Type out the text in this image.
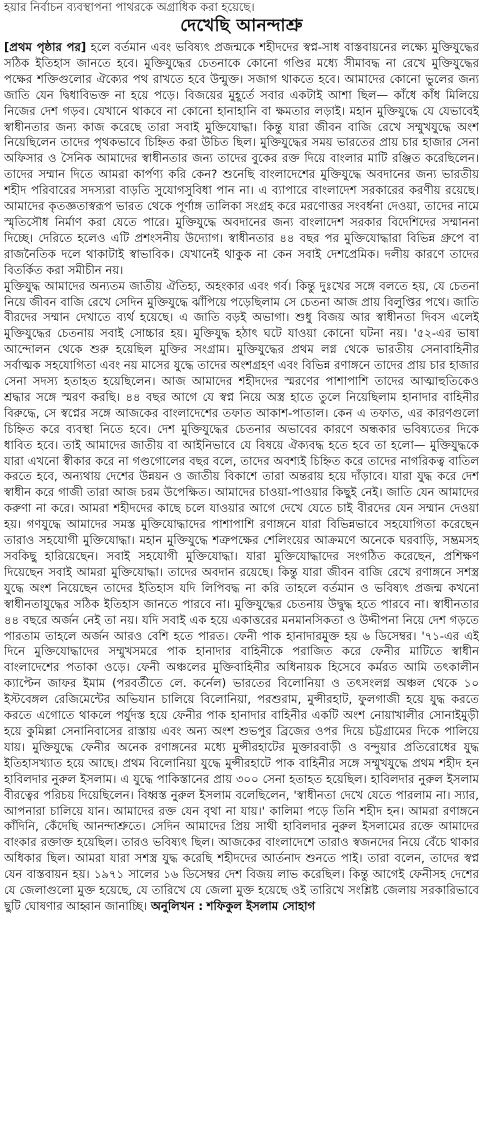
হয়ার নির্বাচন ব্যবস্থাপনা পাথরকে অগ্রাধিক করা হয়েছে।
দেখেছি আনন্দাশ্রু

[প্রথম পৃষ্ঠার পর] হলে বর্তমান এবং ভবিষ্যৎ প্রজন্মকে শহীদদের স্বপ্ন-সাধ বাস্তবায়নের লক্ষ্যে মুক্তিযুদ্ধের সঠিক ইতিহাস জানতে হবে। মুক্তিযুদ্ধের চেতনাকে কোনো গণ্ডির মধ্যে সীমাবদ্ধ না রেখে মুক্তিযুদ্ধের পক্ষের শক্তিগুলোর ঐক্যের পথ রাখতে হবে উন্মুক্ত। সজাগ থাকতে হবে। আমাদের কোনো ভুলের জন্য জাতি যেন দ্বিধাবিভক্ত না হয়ে পড়ে। বিজয়ের মুহূর্তে সবার একটাই আশা ছিল— কাঁধে কাঁধ মিলিয়ে নিজের দেশ গড়ব। যেখানে থাকবে না কোনো হানাহানি বা ক্ষমতার লড়াই। মহান মুক্তিযুদ্ধে যে যেভাবেই স্বাধীনতার জন্য কাজ করেছে তারা সবাই মুক্তিযোদ্ধা। কিন্তু যারা জীবন বাজি রেখে সম্মুখযুদ্ধে অংশ নিয়েছিলেন তাদের পৃথকভাবে চিহ্নিত করা উচিত ছিল। মুক্তিযুদ্ধের সময় ভারতের প্রায় চার হাজার সেনা অফিসার ও সৈনিক আমাদের স্বাধীনতার জন্য তাদের বুকের রক্ত দিয়ে বাংলার মাটি রঞ্জিত করেছিলেন। তাদের সম্মান দিতে আমরা কার্পণ্য করি কেন? শুনেছি বাংলাদেশের মুক্তিযুদ্ধে অবদানের জন্য ভারতীয় শহীদ পরিবারের সদস্যরা বাড়তি সুযোগসুবিধা পান না। এ ব্যাপারে বাংলাদেশ সরকারের করণীয় রয়েছে। আমাদের কৃতজ্ঞতাস্বরূপ ভারত থেকে পূর্ণাঙ্গ তালিকা সংগ্রহ করে মরণোত্তর সংবর্ধনা দেওয়া, তাদের নামে স্মৃতিসৌধ নির্মাণ করা যেতে পারে। মুক্তিযুদ্ধে অবদানের জন্য বাংলাদেশ সরকার বিদেশিদের সম্মাননা দিচ্ছে। দেরিতে হলেও এটি প্রশংসনীয় উদ্যোগ। স্বাধীনতার ৪৪ বছর পর মুক্তিযোদ্ধারা বিভিন্ন গ্রুপে বা রাজনৈতিক দলে থাকাটাই স্বাভাবিক। যেখানেই থাকুক না কেন সবাই দেশপ্রেমিক। দলীয় কারণে তাদের বিতর্কিত করা সমীচীন নয়।

মুক্তিযুদ্ধ আমাদের অন্যতম জাতীয় ঐতিহ্য, অহংকার এবং গর্ব। কিন্তু দুঃখের সঙ্গে বলতে হয়, যে চেতনা নিয়ে জীবন বাজি রেখে সেদিন মুক্তিযুদ্ধে ঝাঁপিয়ে পড়েছিলাম সে চেতনা আজ প্রায় বিলুপ্তির পথে। জাতি বীরদের সম্মান দেখাতে ব্যর্থ হয়েছে। এ জাতি বড়ই অভাগা। শুধু বিজয় আর স্বাধীনতা দিবস এলেই মুক্তিযুদ্ধের চেতনায় সবাই সোচ্চার হয়। মুক্তিযুদ্ধ হঠাৎ ঘটে যাওয়া কোনো ঘটনা নয়। '৫২-এর ভাষা আন্দোলন থেকে শুরু হয়েছিল মুক্তির সংগ্রাম। মুক্তিযুদ্ধের প্রথম লগ্ন থেকে ভারতীয় সেনাবাহিনীর সর্বাত্মক সহযোগিতা এবং নয় মাসের যুদ্ধে তাদের অংশগ্রহণ এবং বিভিন্ন রণাঙ্গনে তাদের প্রায় চার হাজার সেনা সদস্য হতাহত হয়েছিলেন। আজ আমাদের শহীদদের স্মরণের পাশাপাশি তাদের আত্মাহুতিকেও শ্রদ্ধার সঙ্গে স্মরণ করছি। ৪৪ বছর আগে যে স্বপ্ন নিয়ে অস্ত্র হাতে তুলে নিয়েছিলাম হানাদার বাহিনীর বিরুদ্ধে, সে স্বপ্নের সঙ্গে আজকের বাংলাদেশের তফাত আকাশ-পাতাল। কেন এ তফাত, এর কারণগুলো চিহ্নিত করে ব্যবস্থা নিতে হবে। দেশ মুক্তিযুদ্ধের চেতনার অভাবের কারণে অন্ধকার ভবিষ্যতের দিকে ধাবিত হবে। তাই আমাদের জাতীয় বা আইনিভাবে যে বিষয়ে ঐক্যবদ্ধ হতে হবে তা হলো— মুক্তিযুদ্ধকে যারা এখনো স্বীকার করে না গণ্ডগোলের বছর বলে, তাদের অবশ্যই চিহ্নিত করে তাদের নাগরিকত্ব বাতিল করতে হবে, অন্যথায় দেশের উন্নয়ন ও জাতীয় বিকাশে তারা অন্তরায় হয়ে দাঁড়াবে। যারা যুদ্ধ করে দেশ স্বাধীন করে গাজী তারা আজ চরম উপেক্ষিত। আমাদের চাওয়া-পাওয়ার কিছুই নেই। জাতি যেন আমাদের করুণা না করে। আমরা শহীদদের কাছে চলে যাওয়ার আগে দেখে যেতে চাই বীরদের যেন সম্মান দেওয়া হয়। গণযুদ্ধে আমাদের সমস্ত মুক্তিযোদ্ধাদের পাশাপাশি রণাঙ্গনে যারা বিভিন্নভাবে সহযোগিতা করেছেন তারাও সহযোগী মুক্তিযোদ্ধা। মহান মুক্তিযুদ্ধে শত্রুপক্ষের শেলিংয়ের আক্রমণে অনেকে ঘরবাড়ি, সম্ভ্রমসহ সবকিছু হারিয়েছেন। সবাই সহযোগী মুক্তিযোদ্ধা। যারা মুক্তিযোদ্ধাদের সংগঠিত করেছেন, প্রশিক্ষণ দিয়েছেন সবাই আমরা মুক্তিযোদ্ধা। তাদের অবদান রয়েছে। কিন্তু যারা জীবন বাজি রেখে রণাঙ্গনে সশস্ত্র যুদ্ধে অংশ নিয়েছেন তাদের ইতিহাস যদি লিপিবদ্ধ না করি তাহলে বর্তমান ও ভবিষ্যৎ প্রজন্ম কখনো স্বাধীনতাযুদ্ধের সঠিক ইতিহাস জানতে পারবে না। মুক্তিযুদ্ধের চেতনায় উদ্বুদ্ধ হতে পারবে না। স্বাধীনতার ৪৪ বছরে অর্জন নেই তা নয়। যদি সবাই এক হয়ে একাত্তরের মনমানসিকতা ও উদ্দীপনা নিয়ে দেশ গড়তে পারতাম তাহলে অর্জন আরও বেশি হতে পারত। ফেনী পাক হানাদারমুক্ত হয় ৬ ডিসেম্বর। '৭১-এর এই দিনে মুক্তিযোদ্ধাদের সম্মুখসমরে পাক হানাদার বাহিনীকে পরাজিত করে ফেনীর মাটিতে স্বাধীন বাংলাদেশের পতাকা ওড়ে। ফেনী অঞ্চলের মুক্তিবাহিনীর অধিনায়ক হিসেবে কর্মরত আমি তৎকালীন ক্যাপ্টেন জাফর ইমাম (পরবর্তীতে লে. কর্নেল) ভারতের বিলোনিয়া ও তৎসংলগ্ন অঞ্চল থেকে ১০ ইস্টবেঙ্গল রেজিমেন্টের অভিযান চালিয়ে বিলোনিয়া, পরশুরাম, মুন্সীরহাট, ফুলগাজী হয়ে যুদ্ধ করতে করতে এগোতে থাকলে পর্যুদস্ত হয়ে ফেনীর পাক হানাদার বাহিনীর একটি অংশ নোয়াখালীর সোনাইমুড়ী হয়ে কুমিল্লা সেনানিবাসের রাস্তায় এবং অন্য অংশ শুভপুর ব্রিজের ওপর দিয়ে চট্টগ্রামের দিকে পালিয়ে যায়। মুক্তিযুদ্ধে ফেনীর অনেক রণাঙ্গনের মধ্যে মুন্সীরহাটের মুক্তারবাড়ী ও বন্দুয়ার প্রতিরোধের যুদ্ধ ইতিহাসখ্যাত হয়ে আছে। প্রথম বিলোনিয়া যুদ্ধে মুন্সীরহাটে পাক বাহিনীর সঙ্গে সম্মুখযুদ্ধে প্রথম শহীদ হন হাবিলদার নুরুল ইসলাম। এ যুদ্ধে পাকিস্তানের প্রায় ৩০০ সেনা হতাহত হয়েছিল। হাবিলদার নুরুল ইসলাম বীরত্বের পরিচয় দিয়েছিলেন। বিধ্বস্ত নুরুল ইসলাম বলেছিলেন, 'স্বাধীনতা দেখে যেতে পারলাম না। স্যার, আপনারা চালিয়ে যান। আমাদের রক্ত যেন বৃথা না যায়।' কালিমা পড়ে তিনি শহীদ হন। আমরা রণাঙ্গনে কাঁদিনি, কেঁদেছি আনন্দাশ্রুতে। সেদিন আমাদের প্রিয় সাথী হাবিলদার নুরুল ইসলামের রক্তে আমাদের বাংকার রক্তাক্ত হয়েছিল। তারও ভবিষ্যৎ ছিল। আজকের বাংলাদেশে তারাও স্বজনদের নিয়ে বেঁচে থাকার অধিকার ছিল। আমরা যারা সশস্ত্র যুদ্ধ করেছি শহীদদের আর্তনাদ শুনতে পাই। তারা বলেন, তাদের স্বপ্ন যেন বাস্তবায়ন হয়। ১৯৭১ সালের ১৬ ডিসেম্বর দেশ বিজয় লাভ করেছিল। কিন্তু আগেই ফেনীসহ দেশের যে জেলাগুলো মুক্ত হয়েছে, যে তারিখে যে জেলা মুক্ত হয়েছে ওই তারিখে সংশ্লিষ্ট জেলায় সরকারিভাবে ছুটি ঘোষণার আহ্বান জানাচ্ছি। অনুলিখন : শফিকুল ইসলাম সোহাগ
